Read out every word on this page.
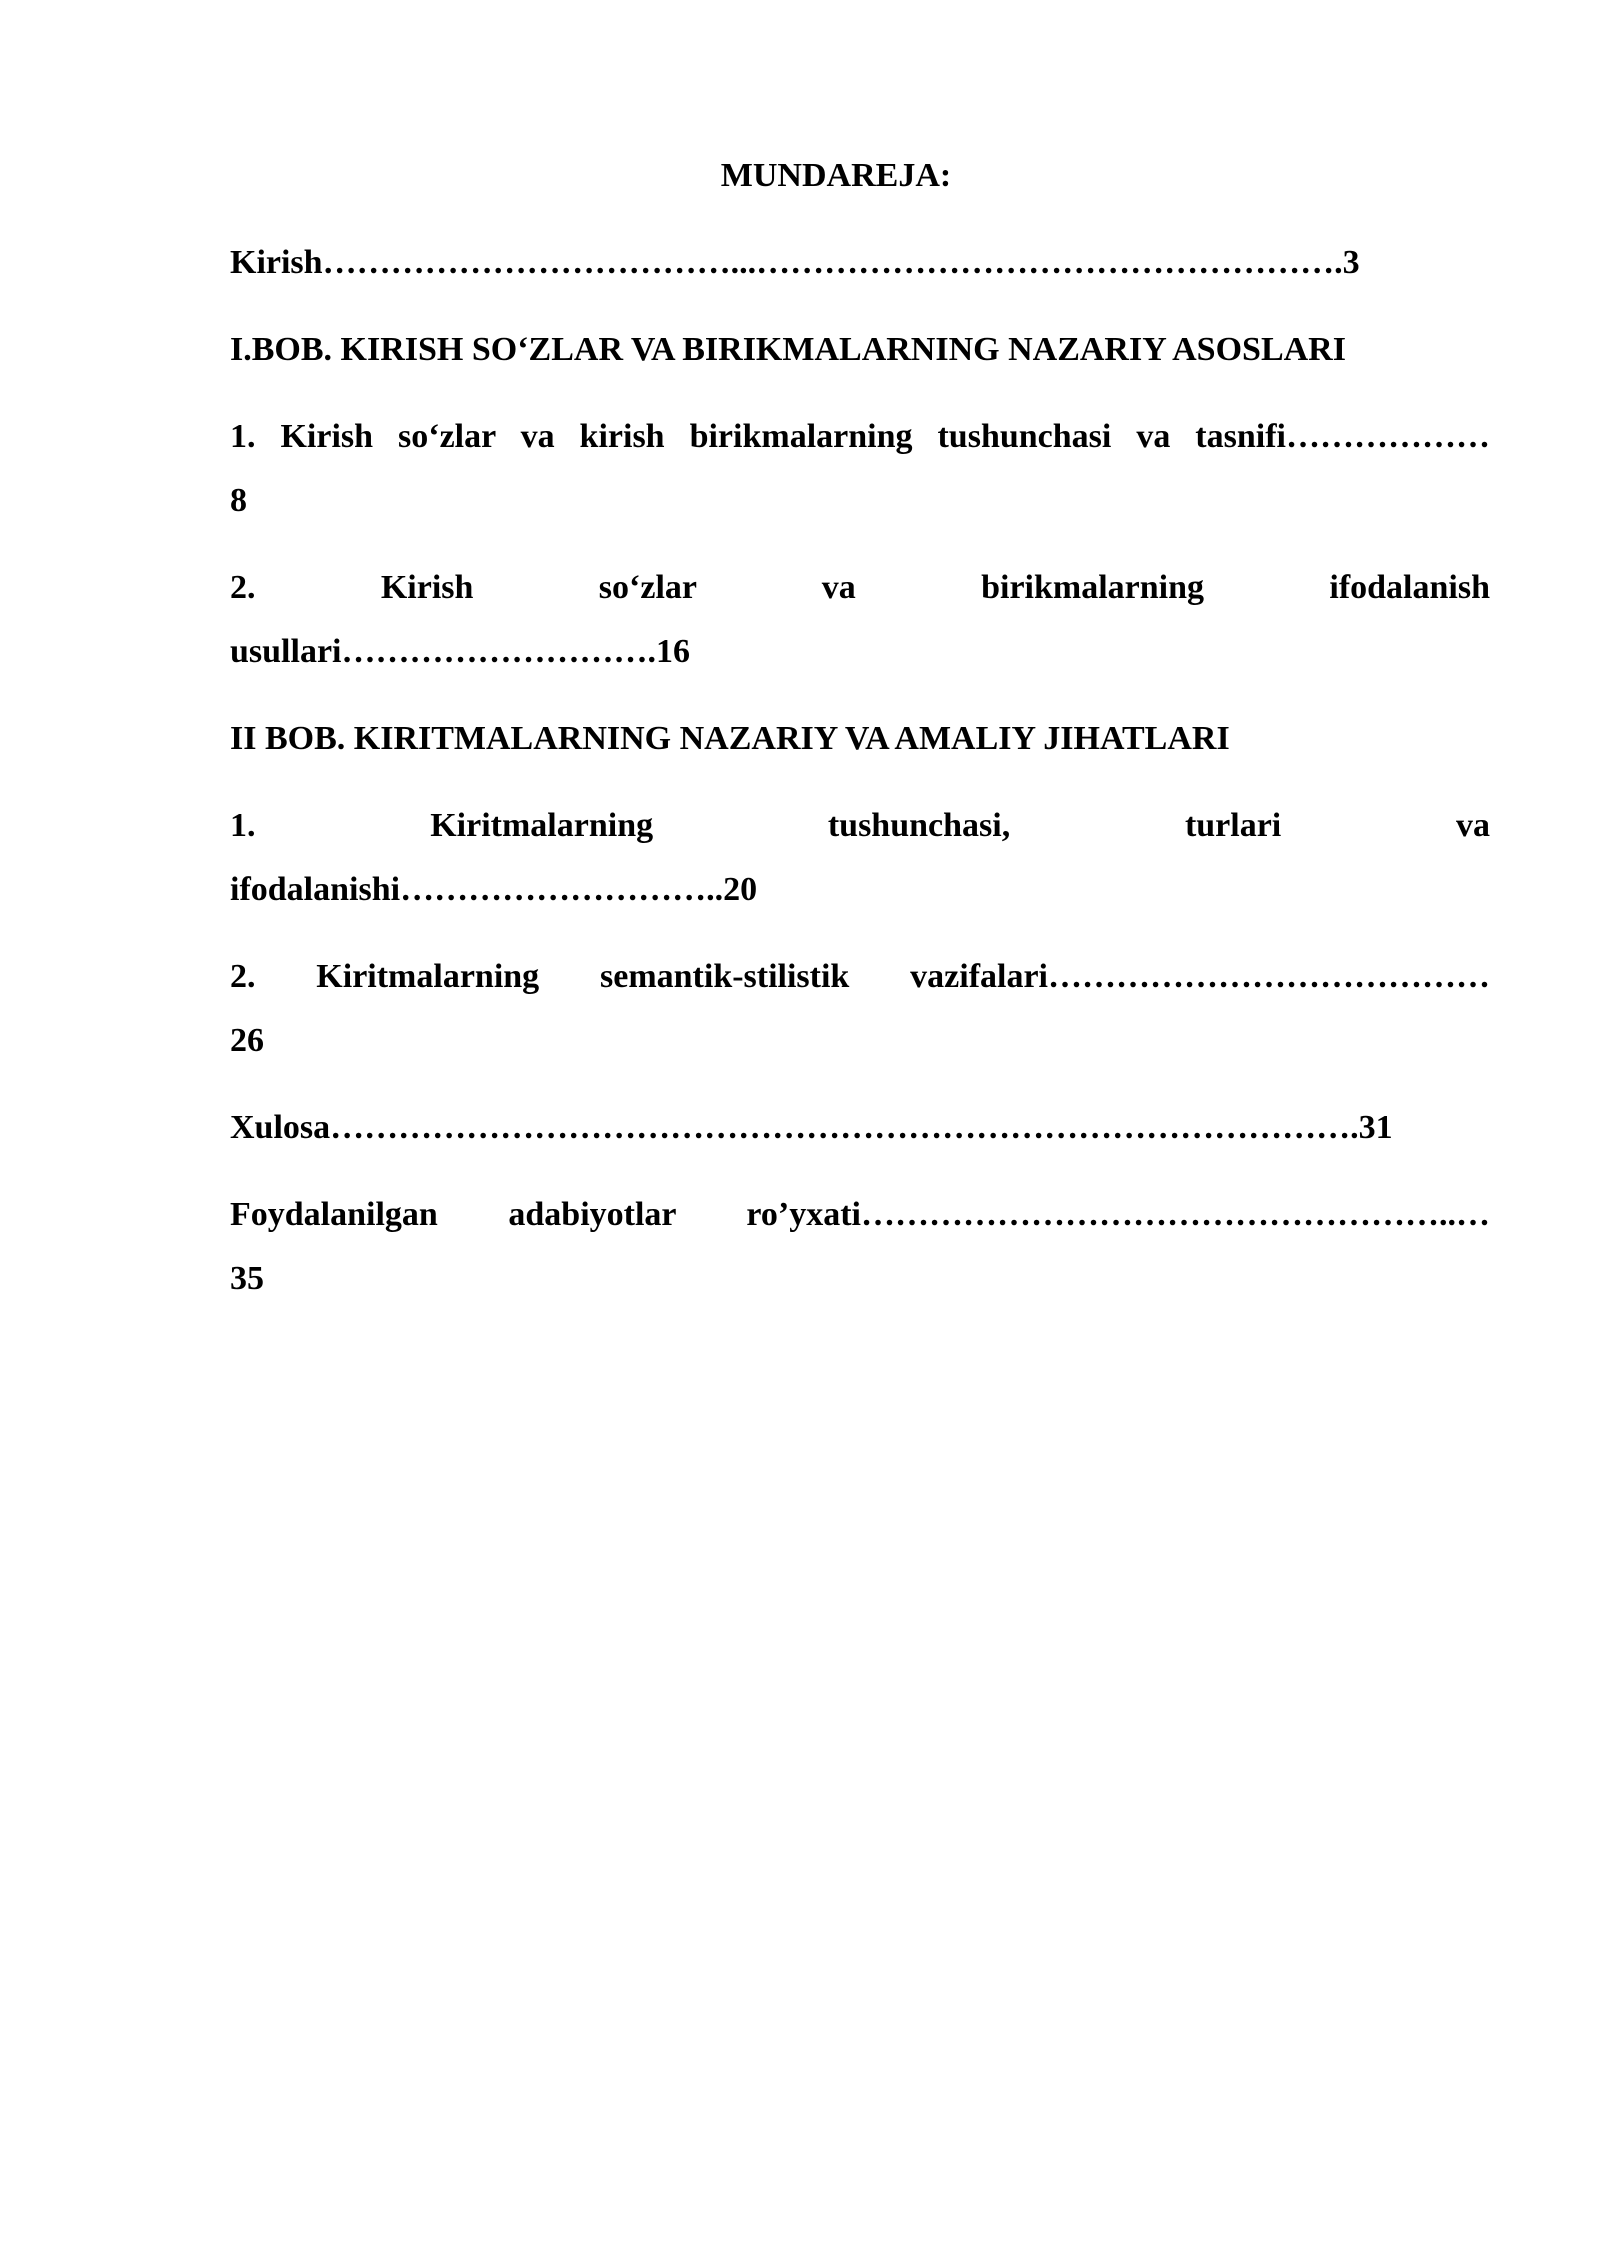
MUNDAREJA:
Kirish………………………………...…………………………………………….3
I.BOB. KIRISH SO‘ZLAR VA BIRIKMALARNING NAZARIY ASOSLARI
1. Kirish so‘zlar va kirish birikmalarning tushunchasi va tasnifi………………
8
2. Kirish so‘zlar va birikmalarning ifodalanish
usullari……………………….16
II BOB. KIRITMALARNING NAZARIY VA AMALIY JIHATLARI
1. Kiritmalarning tushunchasi, turlari va
ifodalanishi………………………..20
2. Kiritmalarning semantik-stilistik vazifalari…………………………………
26
Xulosa……………………………………………………………………………….31
Foydalanilgan adabiyotlar ro’yxati……………………………………………..…
35
